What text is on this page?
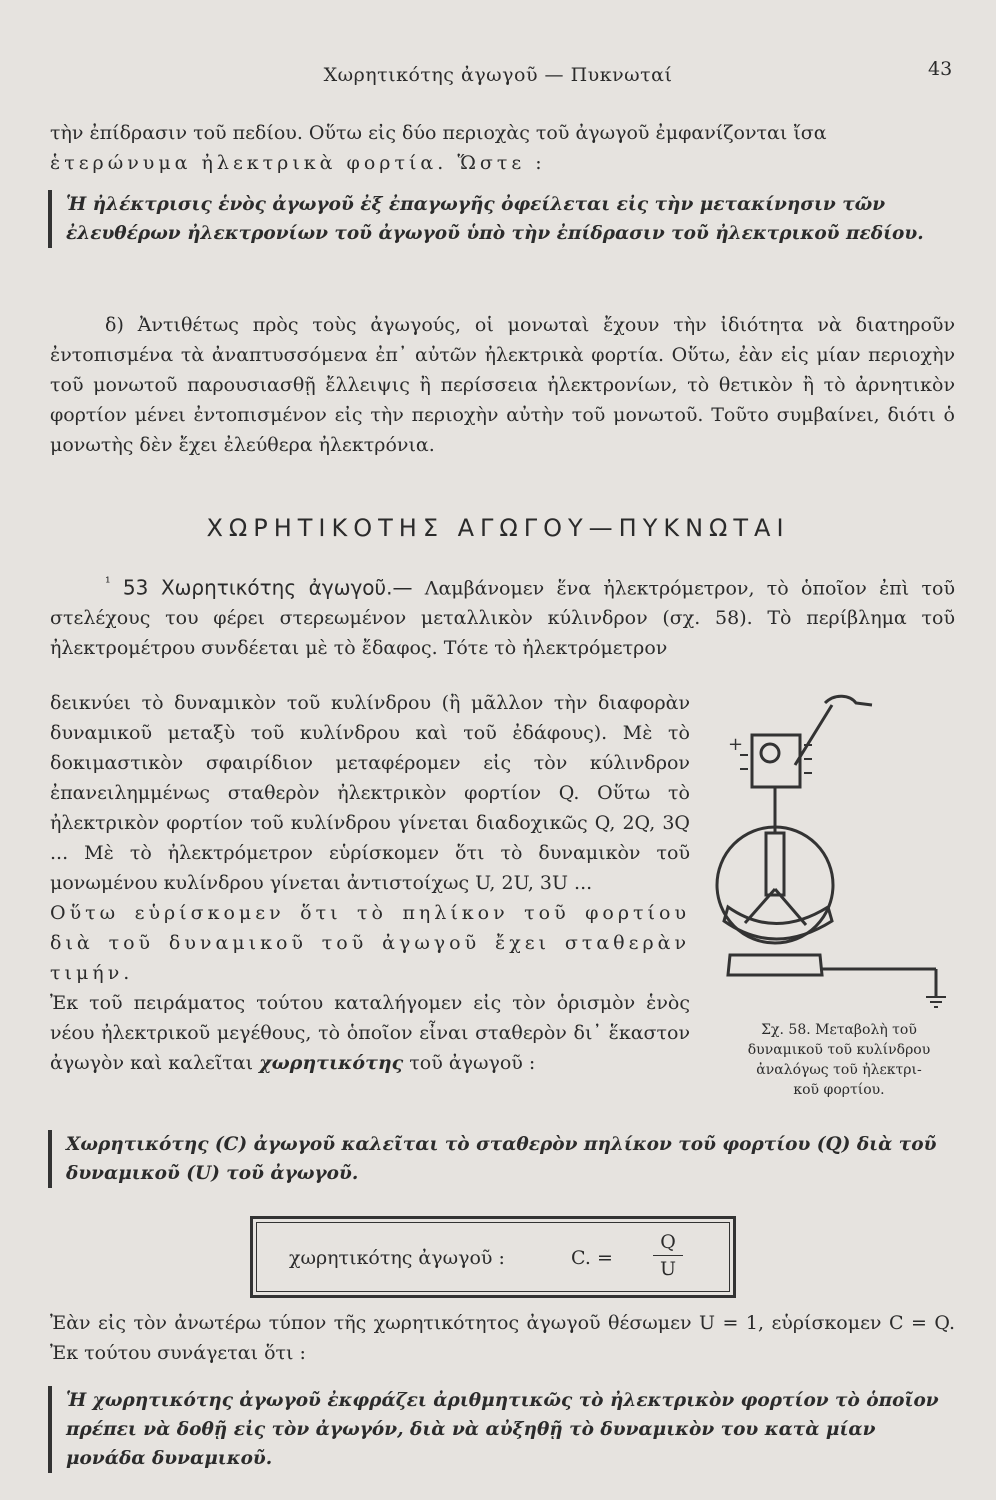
Χωρητικότης ἀγωγοῦ — Πυκνωταί	43

τὴν ἐπίδρασιν τοῦ πεδίου. Οὕτω εἰς δύο περιοχὰς τοῦ ἀγωγοῦ ἐμφανίζονται ἴσα

ἑτερώνυμα ἠλεκτρικὰ φορτία. Ὥστε :

Ἡ ἠλέκτρισις ἑνὸς ἀγωγοῦ ἐξ ἐπαγωγῆς ὀφείλεται εἰς τὴν μετακίνησιν τῶν ἐλευθέρων ἠλεκτρονίων τοῦ ἀγωγοῦ ὑπὸ τὴν ἐπίδρασιν τοῦ ἠλεκτρικοῦ πεδίου.

δ) Ἀντιθέτως πρὸς τοὺς ἀγωγούς, οἱ μονωταὶ ἔχουν τὴν ἰδιότητα νὰ διατηροῦν ἐντοπισμένα τὰ ἀναπτυσσόμενα ἐπ᾽ αὐτῶν ἠλεκτρικὰ φορτία. Οὕτω, ἐὰν εἰς μίαν περιοχὴν τοῦ μονωτοῦ παρουσιασθῇ ἔλλειψις ἢ περίσσεια ἠλεκτρονίων, τὸ θετικὸν ἢ τὸ ἀρνητικὸν φορτίον μένει ἐντοπισμένον εἰς τὴν περιοχὴν αὐτὴν τοῦ μονωτοῦ. Τοῦτο συμβαίνει, διότι ὁ μονωτὴς δὲν ἔχει ἐλεύθερα ἠλεκτρόνια.

ΧΩΡΗΤΙΚΟΤΗΣ ΑΓΩΓΟΥ—ΠΥΚΝΩΤΑΙ

$^{^1}$ 53 Χωρητικότης ἀγωγοῦ.— Λαμβάνομεν ἕνα ἠλεκτρόμετρον, τὸ ὁποῖον ἐπὶ τοῦ στελέχους του φέρει στερεωμένον μεταλλικὸν κύλινδρον (σχ. 58). Τὸ περίβλημα τοῦ ἠλεκτρομέτρου συνδέεται μὲ τὸ ἔδαφος. Τότε τὸ ἠλεκτρόμετρον

δεικνύει τὸ δυναμικὸν τοῦ κυλίνδρου (ἢ μᾶλλον τὴν διαφορὰν δυναμικοῦ μεταξὺ τοῦ κυλίνδρου καὶ τοῦ ἐδάφους). Μὲ τὸ δοκιμαστικὸν σφαιρίδιον μεταφέρομεν εἰς τὸν κύλινδρον ἐπανειλημμένως σταθερὸν ἠλεκτρικὸν φορτίον Q. Οὕτω τὸ ἠλεκτρικὸν φορτίον τοῦ κυλίνδρου γίνεται διαδοχικῶς Q, 2Q, 3Q ... Μὲ τὸ ἠλεκτρόμετρον εὑρίσκομεν ὅτι τὸ δυναμικὸν τοῦ μονωμένου κυλίνδρου γίνεται ἀντιστοίχως U, 2U, 3U ...

Οὕτω εὑρίσκομεν ὅτι τὸ πηλίκον τοῦ φορτίου διὰ τοῦ δυναμικοῦ τοῦ ἀγωγοῦ ἔχει σταθερὰν τιμήν.

Ἐκ τοῦ πειράματος τούτου καταλήγομεν εἰς τὸν ὁρισμὸν ἑνὸς νέου ἠλεκτρικοῦ μεγέθους, τὸ ὁποῖον εἶναι σταθερὸν δι᾽ ἕκαστον ἀγωγὸν καὶ καλεῖται χωρητικότης τοῦ ἀγωγοῦ :

+

Σχ. 58. Μεταβολὴ τοῦ

δυναμικοῦ τοῦ κυλίνδρου

ἀναλόγως τοῦ ἠλεκτρι-

κοῦ φορτίου.

Χωρητικότης (C) ἀγωγοῦ καλεῖται τὸ σταθερὸν πηλίκον τοῦ φορτίου (Q) διὰ τοῦ δυναμικοῦ (U) τοῦ ἀγωγοῦ.

χωρητικότης ἀγωγοῦ :	C. =
Q
U

Ἐὰν εἰς τὸν ἀνωτέρω τύπον τῆς χωρητικότητος ἀγωγοῦ θέσωμεν U = 1, εὑρίσκομεν C = Q. Ἐκ τούτου συνάγεται ὅτι :

Ἡ χωρητικότης ἀγωγοῦ ἐκφράζει ἀριθμητικῶς τὸ ἠλεκτρικὸν φορτίον τὸ ὁποῖον πρέπει νὰ δοθῇ εἰς τὸν ἀγωγόν, διὰ νὰ αὐξηθῇ τὸ δυναμικὸν του κατὰ μίαν μονάδα δυναμικοῦ.
